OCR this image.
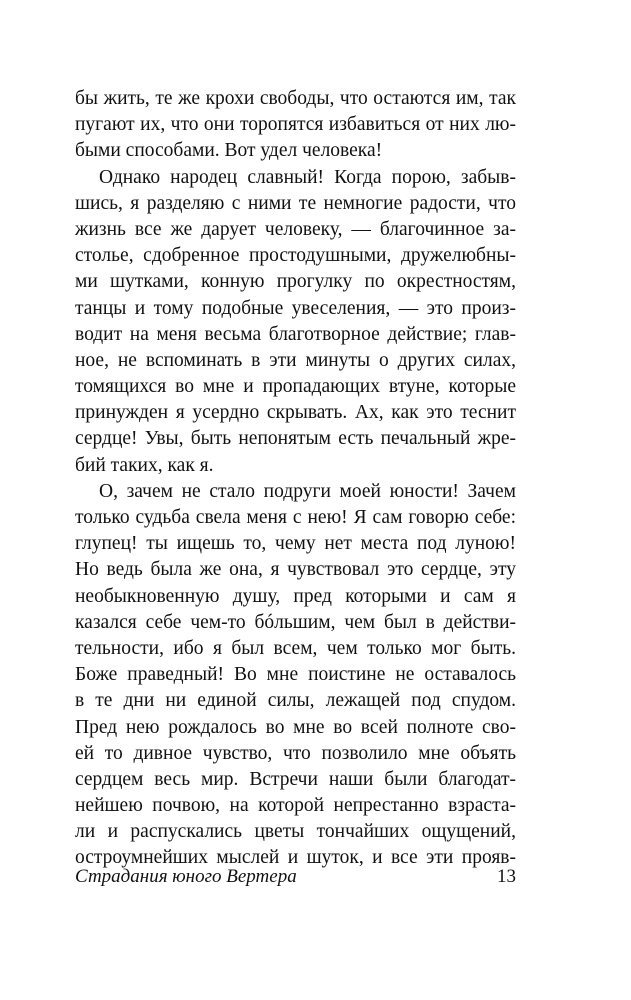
бы жить, те же крохи свободы, что остаются им, так
пугают их, что они торопятся избавиться от них лю-
быми способами. Вот удел человека!
Однако народец славный! Когда порою, забыв-
шись, я разделяю с ними те немногие радости, что
жизнь все же дарует человеку, — благочинное за-
столье, сдобренное простодушными, дружелюбны-
ми шутками, конную прогулку по окрестностям,
танцы и тому подобные увеселения, — это произ-
водит на меня весьма благотворное действие; глав-
ное, не вспоминать в эти минуты о других силах,
томящихся во мне и пропадающих втуне, которые
принужден я усердно скрывать. Ах, как это теснит
сердце! Увы, быть непонятым есть печальный жре-
бий таких, как я.
О, зачем не стало подруги моей юности! Зачем
только судьба свела меня с нею! Я сам говорю себе:
глупец! ты ищешь то, чему нет места под луною!
Но ведь была же она, я чувствовал это сердце, эту
необыкновенную душу, пред которыми и сам я
казался себе чем-то бóльшим, чем был в действи-
тельности, ибо я был всем, чем только мог быть.
Боже праведный! Во мне поистине не оставалось
в те дни ни единой силы, лежащей под спудом.
Пред нею рождалось во мне во всей полноте сво-
ей то дивное чувство, что позволило мне объять
сердцем весь мир. Встречи наши были благодат-
нейшею почвою, на которой непрестанно взраста-
ли и распускались цветы тончайших ощущений,
остроумнейших мыслей и шуток, и все эти прояв-
Страдания юного Вертера	13
